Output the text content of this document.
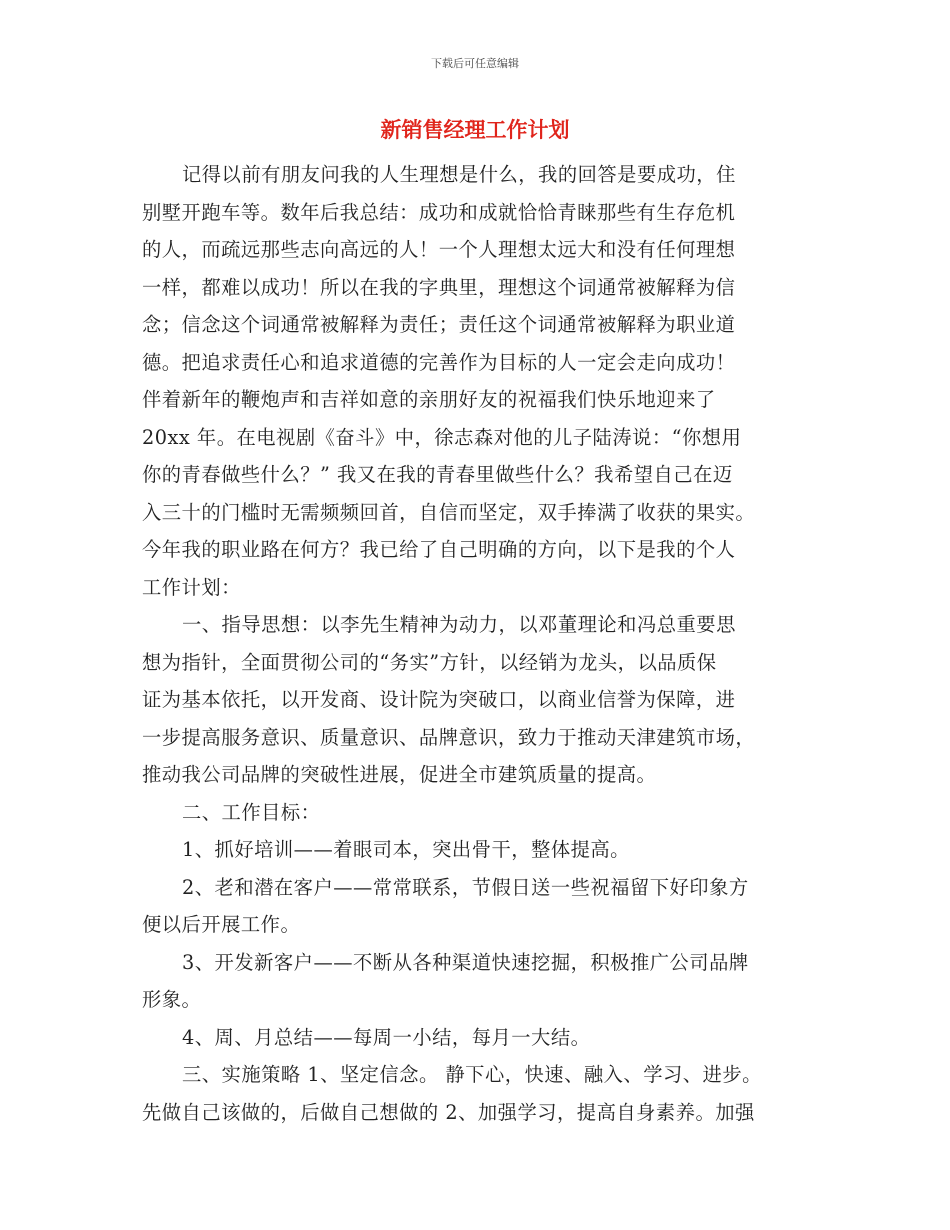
下载后可任意编辑
新销售经理工作计划
记得以前有朋友问我的人生理想是什么，我的回答是要成功，住
别墅开跑车等。数年后我总结：成功和成就恰恰青睐那些有生存危机
的人，而疏远那些志向高远的人！一个人理想太远大和没有任何理想
一样，都难以成功！所以在我的字典里，理想这个词通常被解释为信
念；信念这个词通常被解释为责任；责任这个词通常被解释为职业道
德。把追求责任心和追求道德的完善作为目标的人一定会走向成功！
伴着新年的鞭炮声和吉祥如意的亲朋好友的祝福我们快乐地迎来了
20xx 年。在电视剧《奋斗》中，徐志森对他的儿子陆涛说：“你想用
你的青春做些什么？” 我又在我的青春里做些什么？我希望自己在迈
入三十的门槛时无需频频回首，自信而坚定，双手捧满了收获的果实。
今年我的职业路在何方？我已给了自己明确的方向，以下是我的个人
工作计划：
一、指导思想：以李先生精神为动力，以邓董理论和冯总重要思
想为指针，全面贯彻公司的“务实”方针，以经销为龙头，以品质保
证为基本依托，以开发商、设计院为突破口，以商业信誉为保障，进
一步提高服务意识、质量意识、品牌意识，致力于推动天津建筑市场，
推动我公司品牌的突破性进展，促进全市建筑质量的提高。
二、工作目标：
1、抓好培训——着眼司本，突出骨干，整体提高。
2、老和潜在客户——常常联系，节假日送一些祝福留下好印象方
便以后开展工作。
3、开发新客户——不断从各种渠道快速挖掘，积极推广公司品牌
形象。
4、周、月总结——每周一小结，每月一大结。
三、实施策略 1、坚定信念。 静下心，快速、融入、学习、进步。
先做自己该做的，后做自己想做的 2、加强学习，提高自身素养。加强
